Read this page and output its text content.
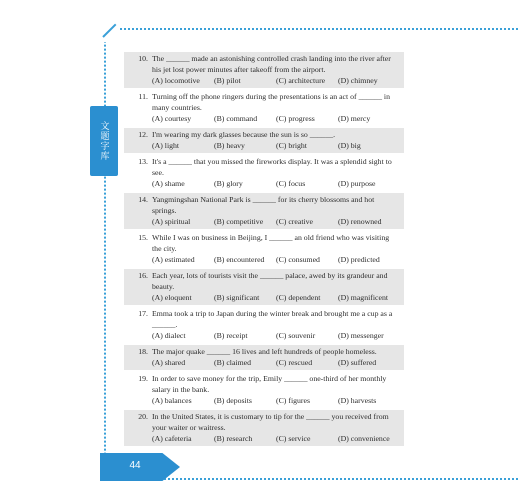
文题字库
10. The ______ made an astonishing controlled crash landing into the river after his jet lost power minutes after takeoff from the airport.
(A) locomotive	(B) pilot	(C) architecture	(D) chimney
11. Turning off the phone ringers during the presentations is an act of ______ in many countries.
(A) courtesy	(B) command	(C) progress	(D) mercy
12. I'm wearing my dark glasses because the sun is so ______.
(A) light	(B) heavy	(C) bright	(D) big
13. It's a ______ that you missed the fireworks display. It was a splendid sight to see.
(A) shame	(B) glory	(C) focus	(D) purpose
14. Yangmingshan National Park is ______ for its cherry blossoms and hot springs.
(A) spiritual	(B) competitive	(C) creative	(D) renowned
15. While I was on business in Beijing, I ______ an old friend who was visiting the city.
(A) estimated	(B) encountered	(C) consumed	(D) predicted
16. Each year, lots of tourists visit the ______ palace, awed by its grandeur and beauty.
(A) eloquent	(B) significant	(C) dependent	(D) magnificent
17. Emma took a trip to Japan during the winter break and brought me a cup as a ______.
(A) dialect	(B) receipt	(C) souvenir	(D) messenger
18. The major quake ______ 16 lives and left hundreds of people homeless.
(A) shared	(B) claimed	(C) rescued	(D) suffered
19. In order to save money for the trip, Emily ______ one-third of her monthly salary in the bank.
(A) balances	(B) deposits	(C) figures	(D) harvests
20. In the United States, it is customary to tip for the ______ you received from your waiter or waitress.
(A) cafeteria	(B) research	(C) service	(D) convenience
44
